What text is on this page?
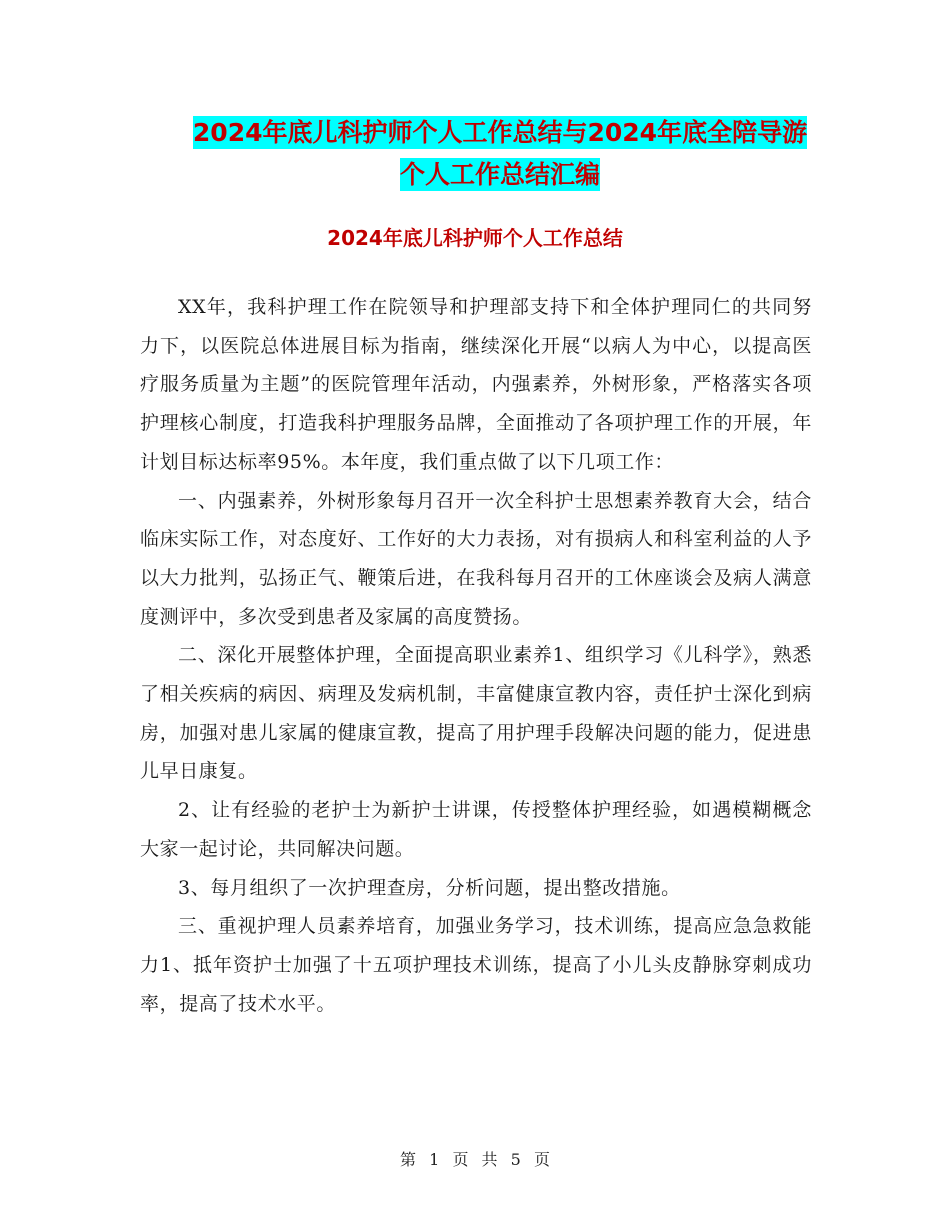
2024年底儿科护师个人工作总结与2024年底全陪导游
个人工作总结汇编
2024年底儿科护师个人工作总结

XX年，我科护理工作在院领导和护理部支持下和全体护理同仁的共同努力下，以医院总体进展目标为指南，继续深化开展“以病人为中心，以提高医疗服务质量为主题”的医院管理年活动，内强素养，外树形象，严格落实各项护理核心制度，打造我科护理服务品牌，全面推动了各项护理工作的开展，年计划目标达标率95%。本年度，我们重点做了以下几项工作：

一、内强素养，外树形象每月召开一次全科护士思想素养教育大会，结合临床实际工作，对态度好、工作好的大力表扬，对有损病人和科室利益的人予以大力批判，弘扬正气、鞭策后进，在我科每月召开的工休座谈会及病人满意度测评中，多次受到患者及家属的高度赞扬。

二、深化开展整体护理，全面提高职业素养1、组织学习《儿科学》，熟悉了相关疾病的病因、病理及发病机制，丰富健康宣教内容，责任护士深化到病房，加强对患儿家属的健康宣教，提高了用护理手段解决问题的能力，促进患儿早日康复。

2、让有经验的老护士为新护士讲课，传授整体护理经验，如遇模糊概念大家一起讨论，共同解决问题。

3、每月组织了一次护理查房，分析问题，提出整改措施。

三、重视护理人员素养培育，加强业务学习，技术训练，提高应急急救能力1、抵年资护士加强了十五项护理技术训练，提高了小儿头皮静脉穿刺成功率，提高了技术水平。

第 1 页 共 5 页
